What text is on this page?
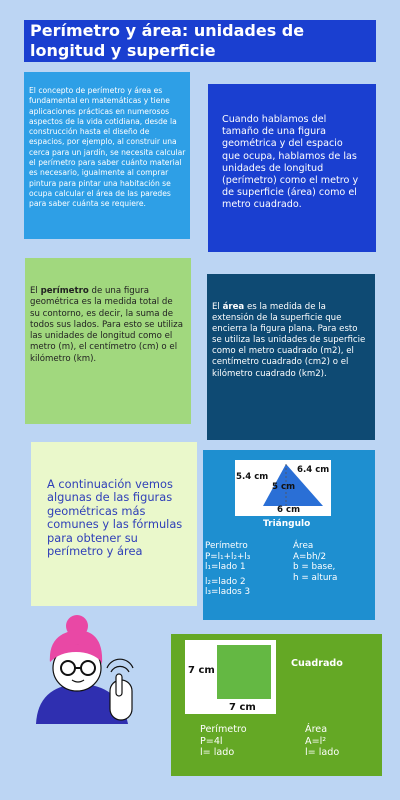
Perímetro y área: unidades de longitud y superficie
El concepto de perímetro y área es fundamental en matemáticas y tiene aplicaciones prácticas en numerosos aspectos de la vida cotidiana, desde la construcción hasta el diseño de espacios, por ejemplo, al construir una cerca para un jardín, se necesita calcular el perímetro para saber cuánto material es necesario, igualmente al comprar pintura para pintar una habitación se ocupa calcular el área de las paredes para saber cuánta se requiere.
Cuando hablamos del tamaño de una figura geométrica y del espacio que ocupa, hablamos de las unidades de longitud (perímetro) como el metro y de superficie (área) como el metro cuadrado.
El perímetro de una figura geométrica es la medida total de su contorno, es decir, la suma de todos sus lados. Para esto se utiliza las unidades de longitud como el metro (m), el centímetro (cm) o el kilómetro (km).
El área es la medida de la extensión de la superficie que encierra la figura plana. Para esto se utiliza las unidades de superficie como el metro cuadrado (m2), el centímetro cuadrado (cm2) o el kilómetro cuadrado (km2).
A continuación vemos algunas de las figuras geométricas más comunes y las fórmulas para obtener su perímetro y área
5.4 cm
6.4 cm
5 cm
6 cm
Triángulo
Perímetro
P=l₁+l₂+l₃
l₁=lado 1
l₂=lado 2
l₃=lados 3
Área
A=bh/2
b = base,
h = altura
7 cm
7 cm
Cuadrado
Perímetro
P=4l
l= lado
Área
A=l²
l= lado
